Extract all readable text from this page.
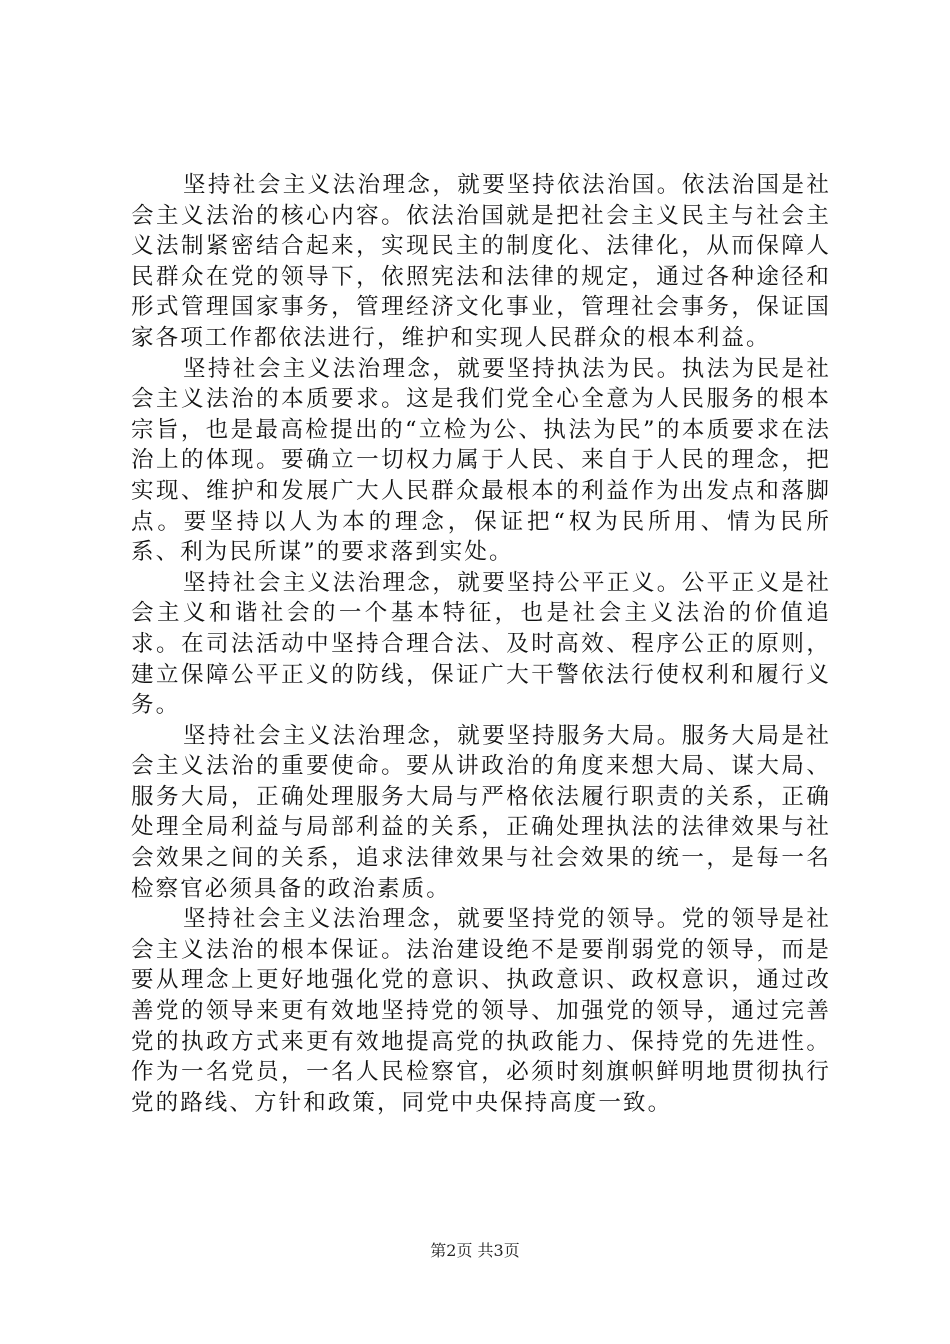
坚持社会主义法治理念，就要坚持依法治国。依法治国是社会主义法治的核心内容。依法治国就是把社会主义民主与社会主义法制紧密结合起来，实现民主的制度化、法律化，从而保障人民群众在党的领导下，依照宪法和法律的规定，通过各种途径和形式管理国家事务，管理经济文化事业，管理社会事务，保证国家各项工作都依法进行，维护和实现人民群众的根本利益。

坚持社会主义法治理念，就要坚持执法为民。执法为民是社会主义法治的本质要求。这是我们党全心全意为人民服务的根本宗旨，也是最高检提出的“立检为公、执法为民”的本质要求在法治上的体现。要确立一切权力属于人民、来自于人民的理念，把实现、维护和发展广大人民群众最根本的利益作为出发点和落脚点。要坚持以人为本的理念，保证把“权为民所用、情为民所系、利为民所谋”的要求落到实处。

坚持社会主义法治理念，就要坚持公平正义。公平正义是社会主义和谐社会的一个基本特征，也是社会主义法治的价值追求。在司法活动中坚持合理合法、及时高效、程序公正的原则，建立保障公平正义的防线，保证广大干警依法行使权利和履行义务。

坚持社会主义法治理念，就要坚持服务大局。服务大局是社会主义法治的重要使命。要从讲政治的角度来想大局、谋大局、服务大局，正确处理服务大局与严格依法履行职责的关系，正确处理全局利益与局部利益的关系，正确处理执法的法律效果与社会效果之间的关系，追求法律效果与社会效果的统一，是每一名检察官必须具备的政治素质。

坚持社会主义法治理念，就要坚持党的领导。党的领导是社会主义法治的根本保证。法治建设绝不是要削弱党的领导，而是要从理念上更好地强化党的意识、执政意识、政权意识，通过改善党的领导来更有效地坚持党的领导、加强党的领导，通过完善党的执政方式来更有效地提高党的执政能力、保持党的先进性。作为一名党员，一名人民检察官，必须时刻旗帜鲜明地贯彻执行党的路线、方针和政策，同党中央保持高度一致。

第2页 共3页
